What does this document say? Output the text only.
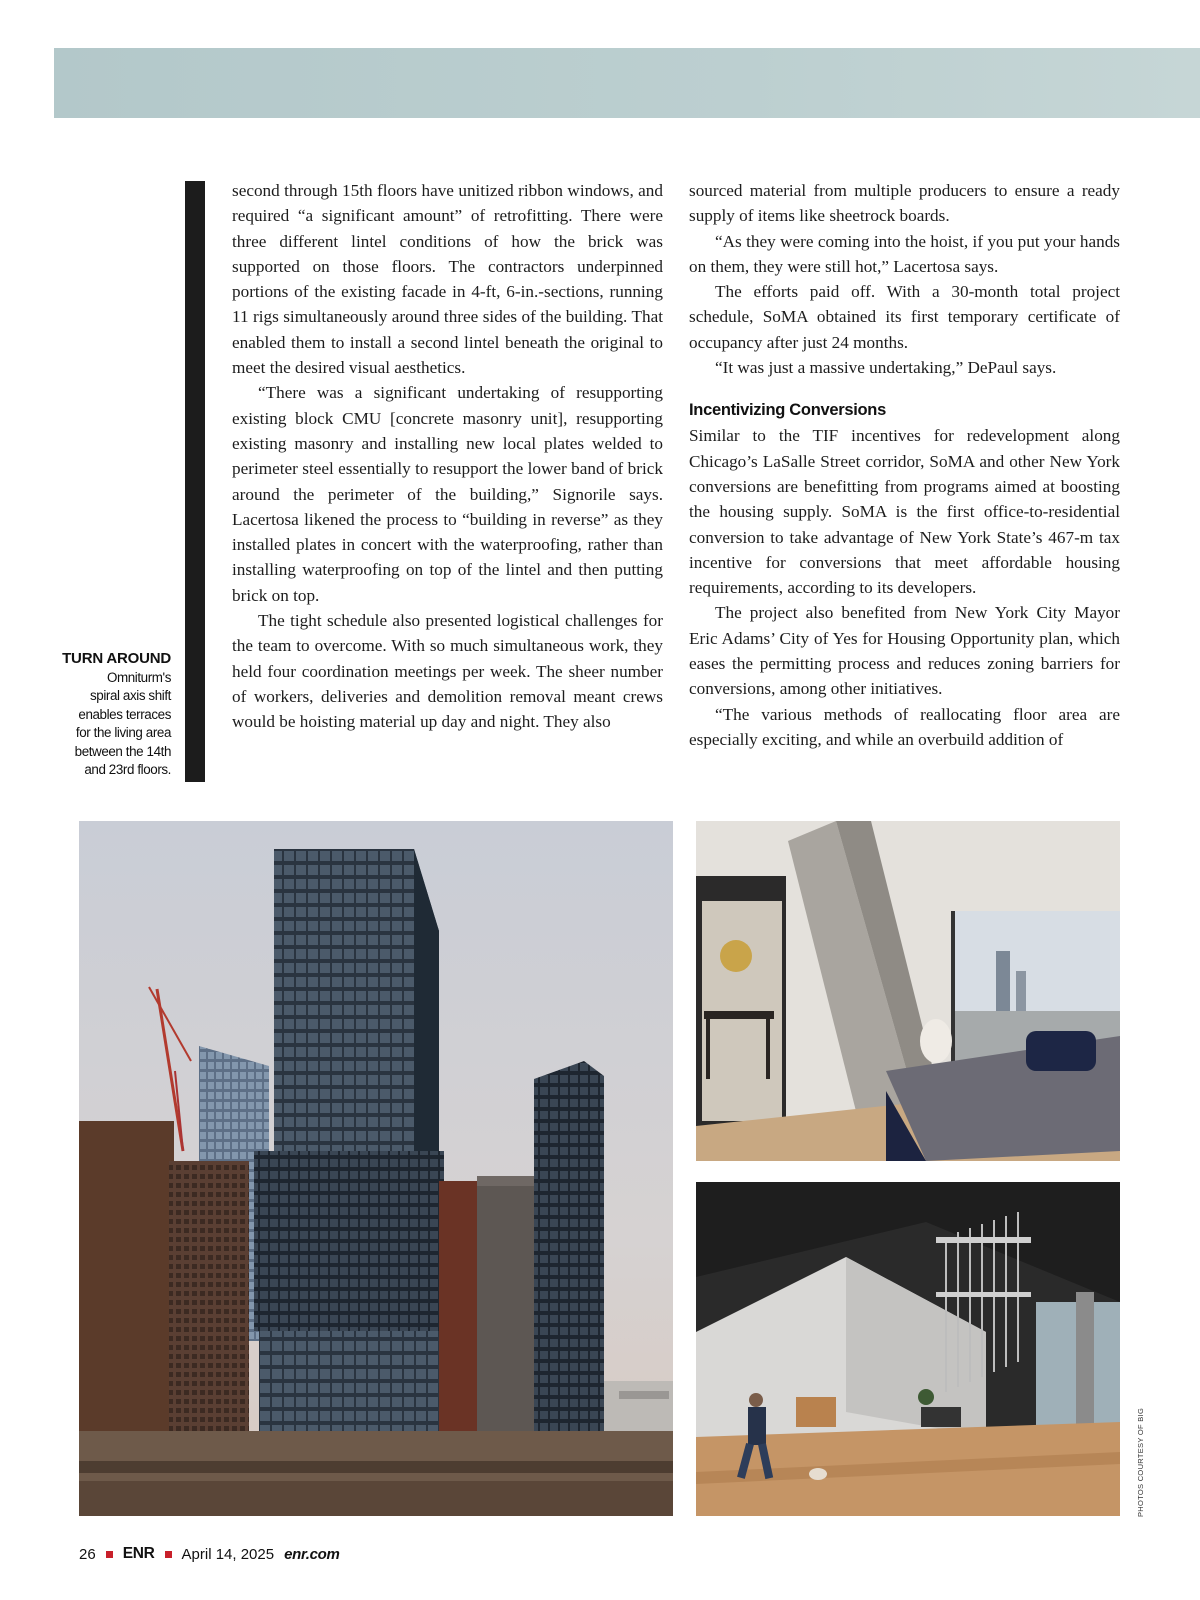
TURN AROUND
Omniturm's
spiral axis shift
enables terraces
for the living area
between the 14th
and 23rd floors.

second through 15th floors have unitized ribbon windows, and required “a significant amount” of retrofitting. There were three different lintel conditions of how the brick was supported on those floors. The contractors underpinned portions of the existing facade in 4-ft, 6-in.-sections, running 11 rigs simultaneously around three sides of the building. That enabled them to install a second lintel beneath the original to meet the desired visual aesthetics.

“There was a significant undertaking of resupporting existing block CMU [concrete masonry unit], resupporting existing masonry and installing new local plates welded to perimeter steel essentially to resupport the lower band of brick around the perimeter of the building,” Signorile says. Lacertosa likened the process to “building in reverse” as they installed plates in concert with the waterproofing, rather than installing waterproofing on top of the lintel and then putting brick on top.

The tight schedule also presented logistical challenges for the team to overcome. With so much simultaneous work, they held four coordination meetings per week. The sheer number of workers, deliveries and demolition removal meant crews would be hoisting material up day and night. They also

sourced material from multiple producers to ensure a ready supply of items like sheetrock boards.

“As they were coming into the hoist, if you put your hands on them, they were still hot,” Lacertosa says.

The efforts paid off. With a 30-month total project schedule, SoMA obtained its first temporary certificate of occupancy after just 24 months.

“It was just a massive undertaking,” DePaul says.

Incentivizing Conversions

Similar to the TIF incentives for redevelopment along Chicago’s LaSalle Street corridor, SoMA and other New York conversions are benefitting from programs aimed at boosting the housing supply. SoMA is the first office-to-residential conversion to take advantage of New York State’s 467-m tax incentive for conversions that meet affordable housing requirements, according to its developers.

The project also benefited from New York City Mayor Eric Adams’ City of Yes for Housing Opportunity plan, which eases the permitting process and reduces zoning barriers for conversions, among other initiatives.

“The various methods of reallocating floor area are especially exciting, and while an overbuild addition of

PHOTOS COURTESY OF BIG
26 ENR April 14, 2025 enr.com
